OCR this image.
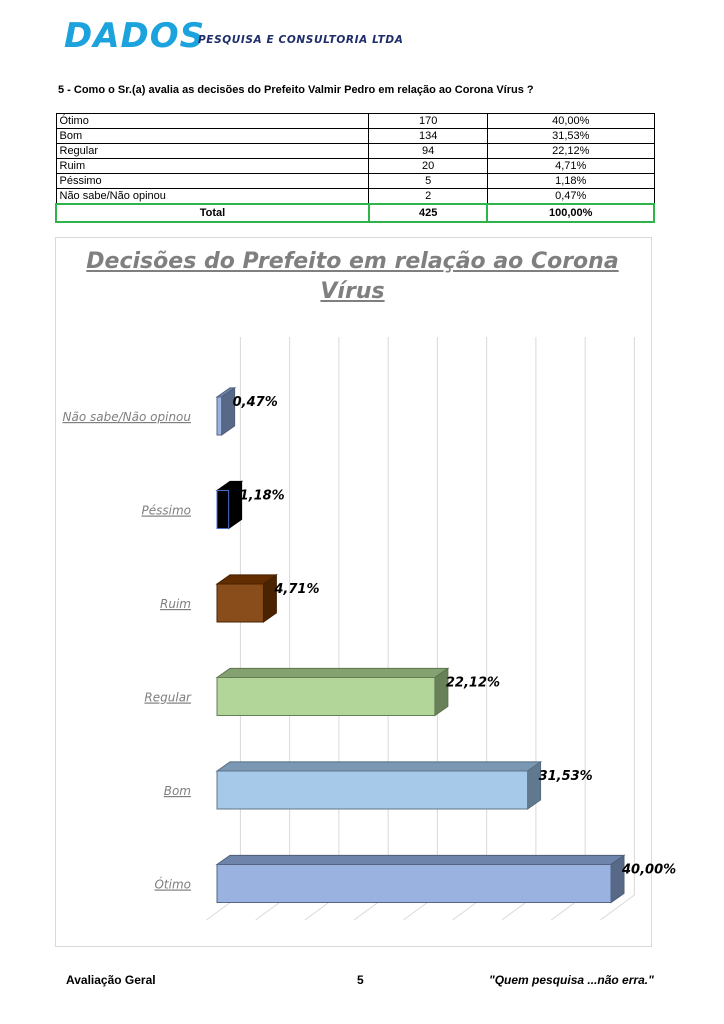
DADOS
PESQUISA E CONSULTORIA LTDA
5 - Como o Sr.(a) avalia as decisões do Prefeito Valmir Pedro em relação ao Corona Vírus ?
Ótimo	170	40,00%
Bom	134	31,53%
Regular	94	22,12%
Ruim	20	4,71%
Péssimo	5	1,18%
Não sabe/Não opinou	2	0,47%
Total	425	100,00%
Decisões do Prefeito em relação ao Corona
Vírus
Não sabe/Não opinou
0,47%
Péssimo
1,18%
Ruim
4,71%
Regular
22,12%
Bom
31,53%
Ótimo
40,00%
Avaliação Geral	5	"Quem pesquisa ...não erra."
